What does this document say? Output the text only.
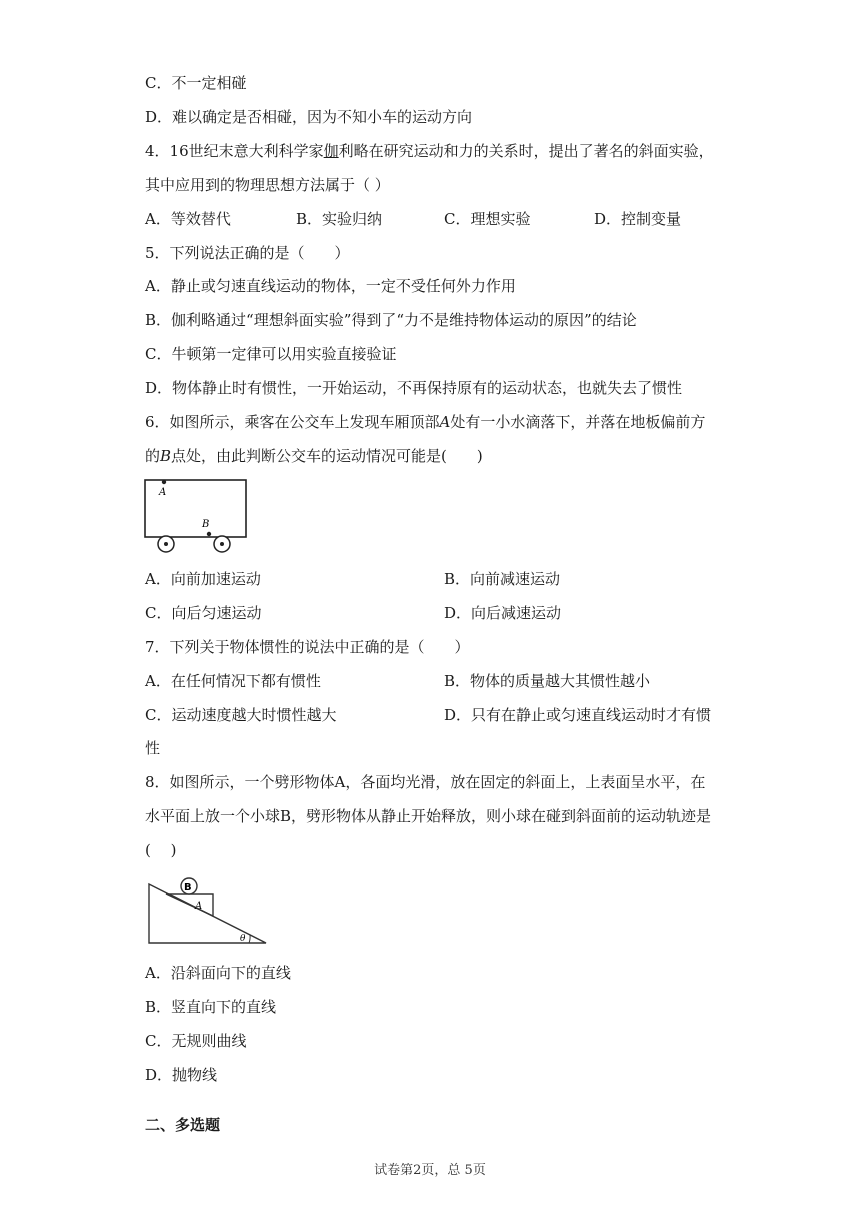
C．不一定相碰
D．难以确定是否相碰，因为不知小车的运动方向
4．16世纪末意大利科学家伽利略在研究运动和力的关系时，提出了著名的斜面实验，
其中应用到的物理思想方法属于（ ）
A．等效替代	B．实验归纳	C．理想实验	D．控制变量
5．下列说法正确的是（　　）
A．静止或匀速直线运动的物体，一定不受任何外力作用
B．伽利略通过“理想斜面实验”得到了“力不是维持物体运动的原因”的结论
C．牛顿第一定律可以用实验直接验证
D．物体静止时有惯性，一开始运动，不再保持原有的运动状态，也就失去了惯性
6．如图所示，乘客在公交车上发现车厢顶部A处有一小水滴落下，并落在地板偏前方
的B点处，由此判断公交车的运动情况可能是(　　)
A
B
A．向前加速运动	B．向前减速运动
C．向后匀速运动	D．向后减速运动
7．下列关于物体惯性的说法中正确的是（　　）
A．在任何情况下都有惯性	B．物体的质量越大其惯性越小
C．运动速度越大时惯性越大	D．只有在静止或匀速直线运动时才有惯
性
8．如图所示，一个劈形物体A，各面均光滑，放在固定的斜面上，上表面呈水平，在
水平面上放一个小球B，劈形物体从静止开始释放，则小球在碰到斜面前的运动轨迹是
( 　)
B
A
θ
A．沿斜面向下的直线
B．竖直向下的直线
C．无规则曲线
D．抛物线
二、多选题
试卷第2页，总 5页
